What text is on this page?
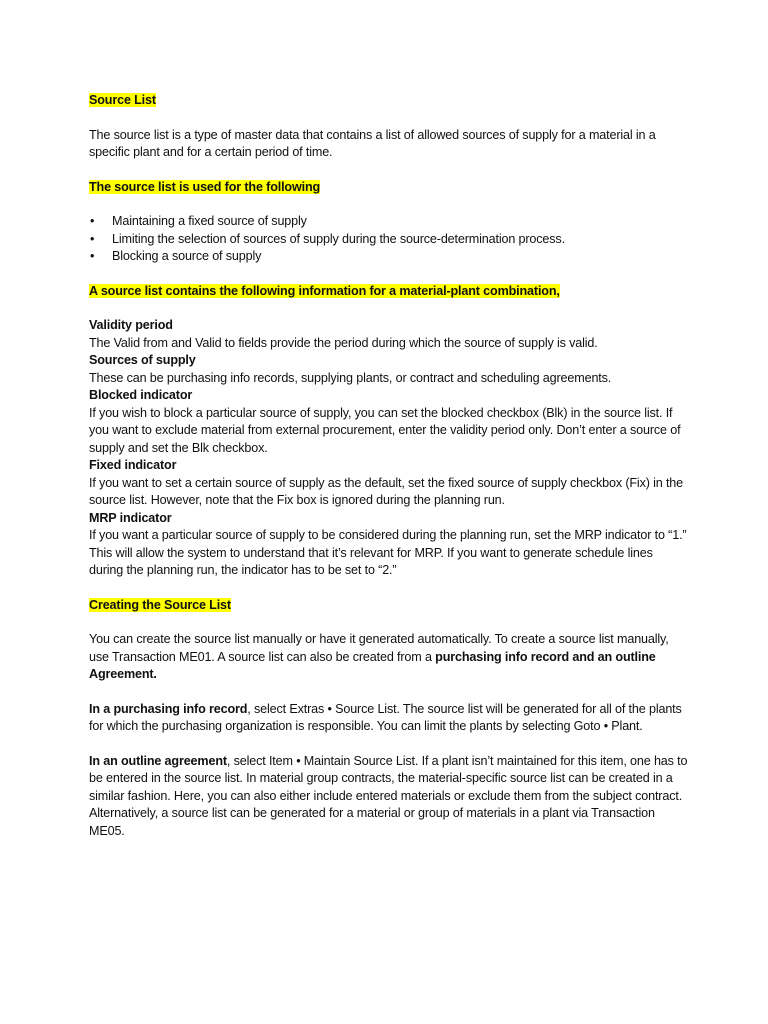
Source List

The source list is a type of master data that contains a list of allowed sources of supply for a material in a specific plant and for a certain period of time.

The source list is used for the following

• Maintaining a fixed source of supply
• Limiting the selection of sources of supply during the source-determination process.
• Blocking a source of supply

A source list contains the following information for a material-plant combination,

Validity period

The Valid from and Valid to fields provide the period during which the source of supply is valid.

Sources of supply

These can be purchasing info records, supplying plants, or contract and scheduling agreements.

Blocked indicator

If you wish to block a particular source of supply, you can set the blocked checkbox (Blk) in the source list. If you want to exclude material from external procurement, enter the validity period only. Don’t enter a source of supply and set the Blk checkbox.

Fixed indicator

If you want to set a certain source of supply as the default, set the fixed source of supply checkbox (Fix) in the source list. However, note that the Fix box is ignored during the planning run.

MRP indicator

If you want a particular source of supply to be considered during the planning run, set the MRP indicator to “1.” This will allow the system to understand that it’s relevant for MRP. If you want to generate schedule lines during the planning run, the indicator has to be set to “2.”

Creating the Source List

You can create the source list manually or have it generated automatically. To create a source list manually, use Transaction ME01. A source list can also be created from a purchasing info record and an outline Agreement.

In a purchasing info record, select Extras • Source List. The source list will be generated for all of the plants for which the purchasing organization is responsible. You can limit the plants by selecting Goto • Plant.

In an outline agreement, select Item • Maintain Source List. If a plant isn’t maintained for this item, one has to be entered in the source list. In material group contracts, the material-specific source list can be created in a similar fashion. Here, you can also either include entered materials or exclude them from the subject contract. Alternatively, a source list can be generated for a material or group of materials in a plant via Transaction ME05.
